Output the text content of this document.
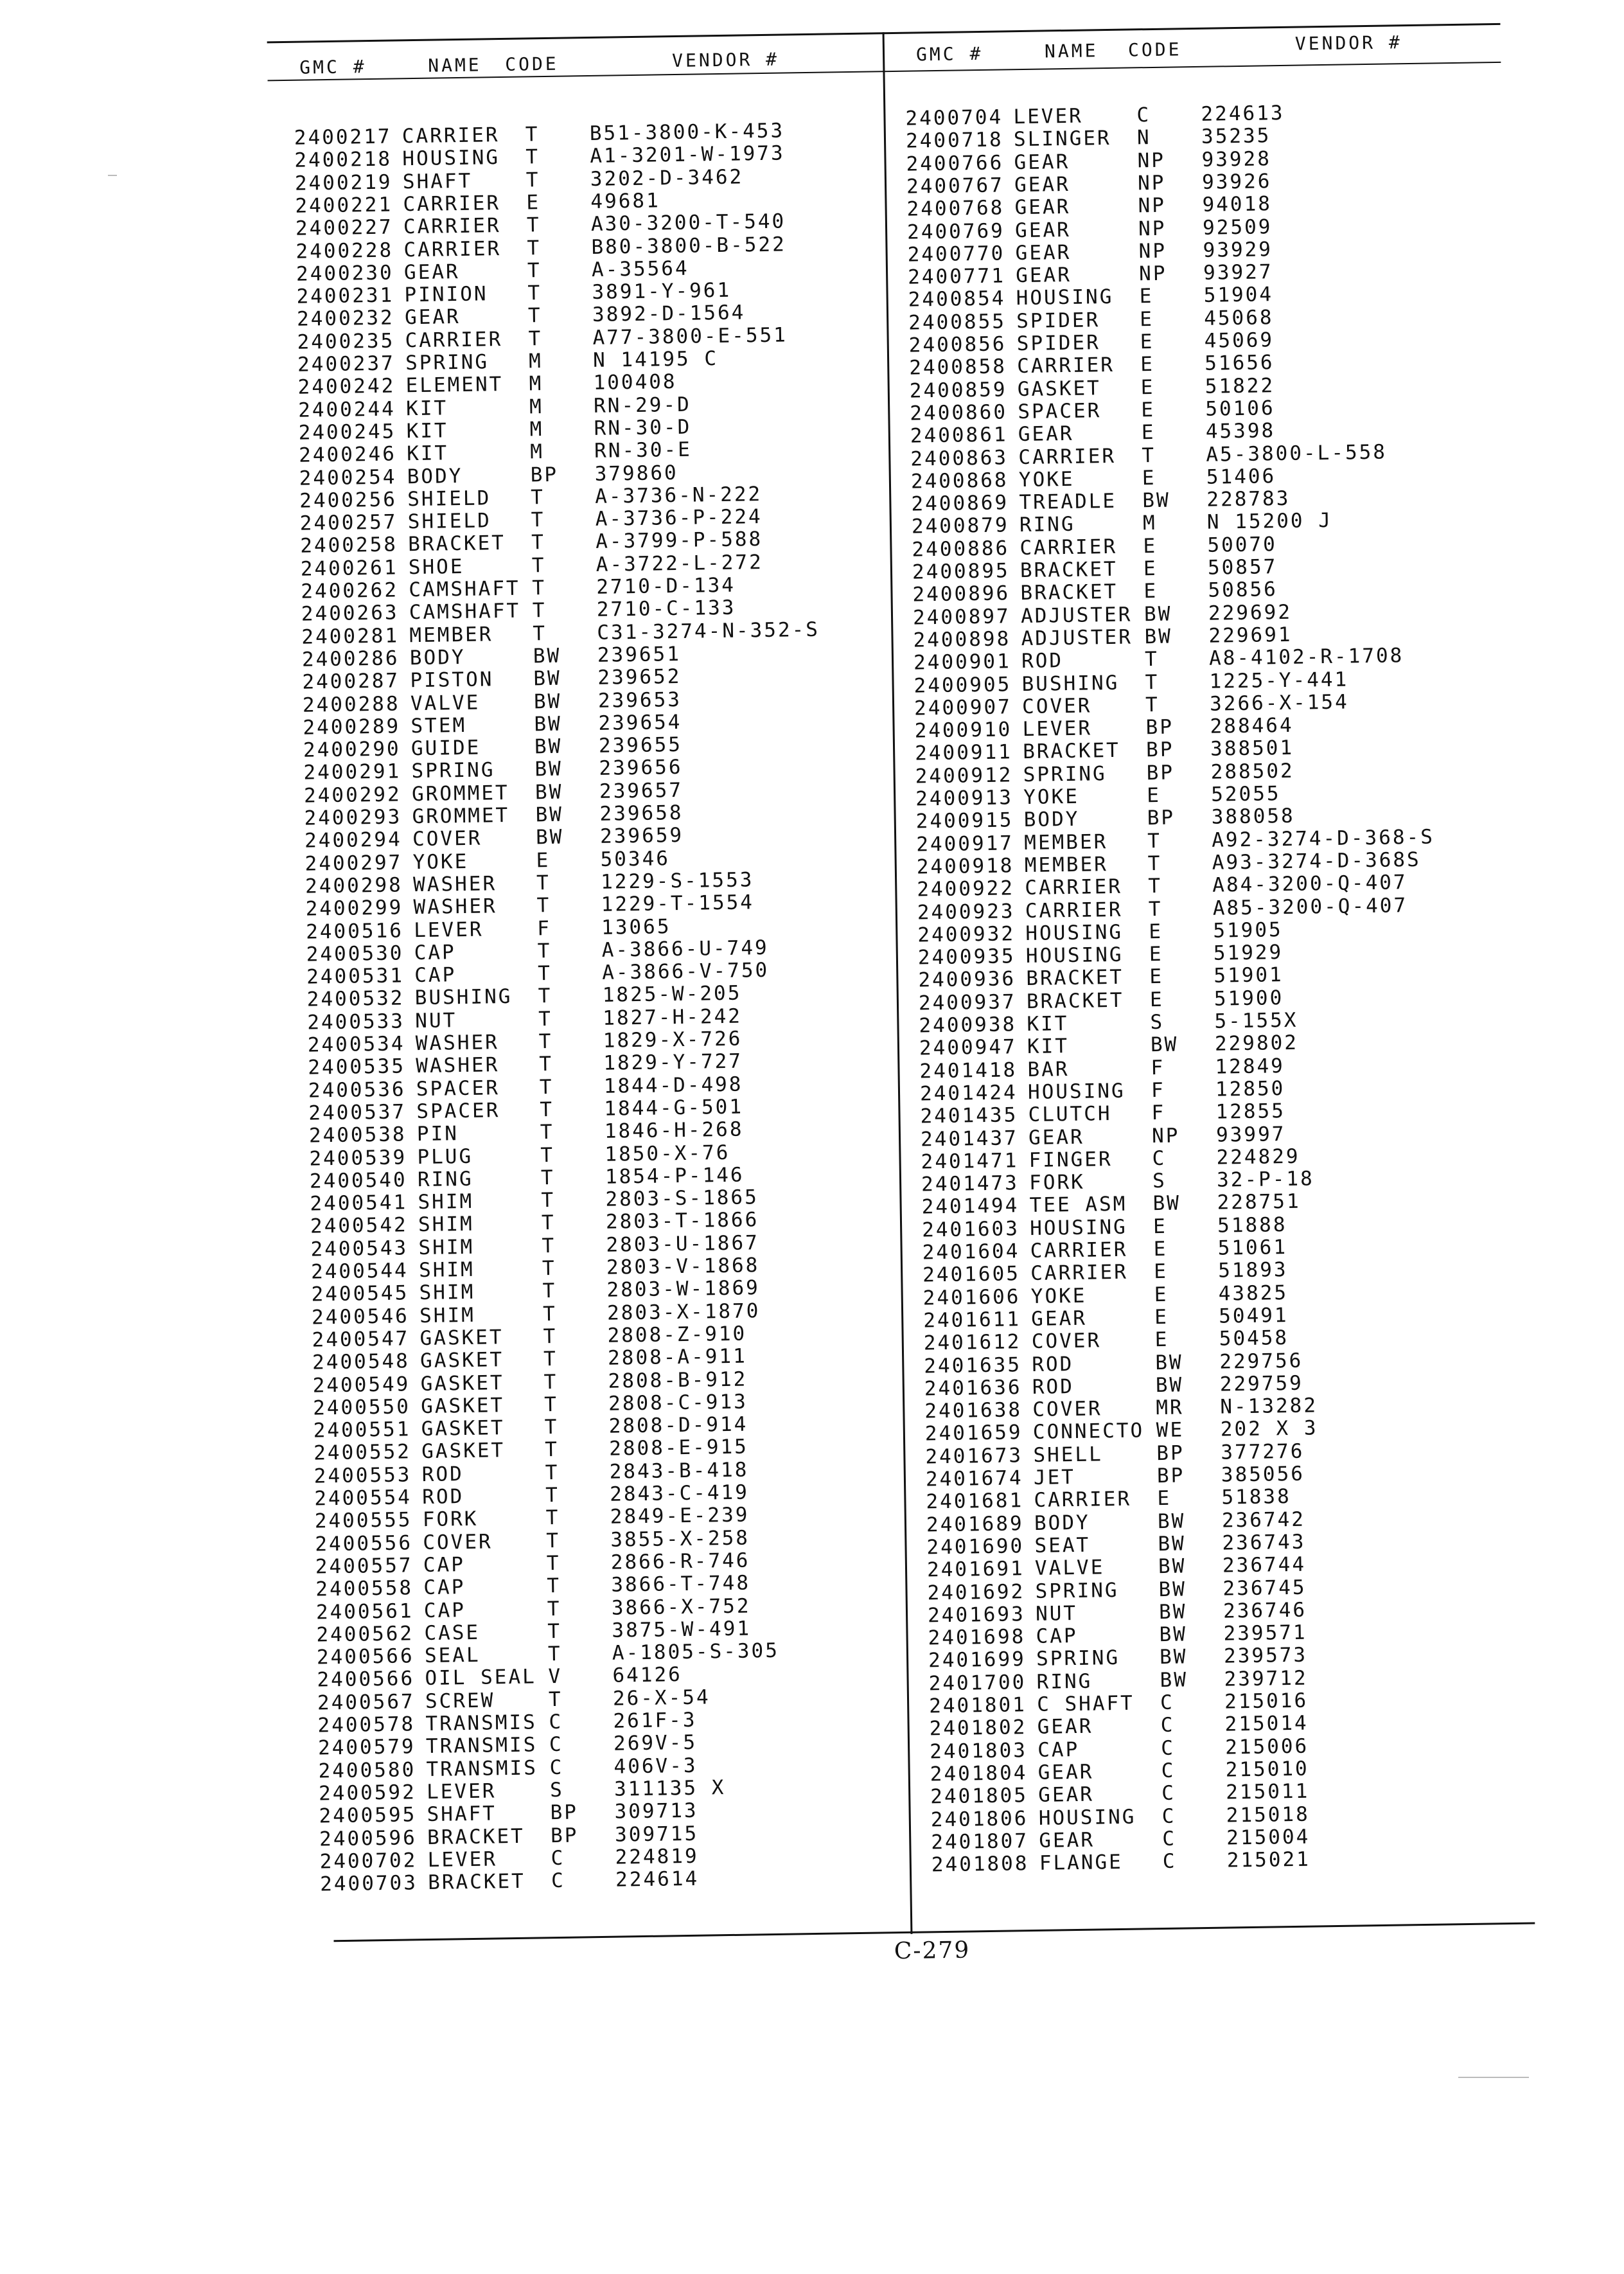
GMC #	NAME CODE	VENDOR #	GMC #	NAME CODE	VENDOR #
2400217 CARRIER T	B51-3800-K-453
2400218 HOUSING T	A1-3201-W-1973
2400219 SHAFT	T	3202-D-3462
2400221 CARRIER E	49681
2400227 CARRIER T	A30-3200-T-540
2400228 CARRIER T	B80-3800-B-522
2400230 GEAR	T	A-35564
2400231 PINION T	3891-Y-961
2400232 GEAR	T	3892-D-1564
2400235 CARRIER T	A77-3800-E-551
2400237 SPRING M	N 14195 C
2400242 ELEMENT M	100408
2400244 KIT	M	RN-29-D
2400245 KIT	M	RN-30-D
2400246 KIT	M	RN-30-E
2400254 BODY	BP 379860
2400256 SHIELD T	A-3736-N-222
2400257 SHIELD T	A-3736-P-224
2400258 BRACKET T	A-3799-P-588
2400261 SHOE	T	A-3722-L-272
2400262 CAMSHAFT T	2710-D-134
2400263 CAMSHAFT T	2710-C-133
2400281 MEMBER T	C31-3274-N-352-S
2400286 BODY	BW 239651
2400287 PISTON BW 239652
2400288 VALVE	BW 239653
2400289 STEM	BW 239654
2400290 GUIDE	BW 239655
2400291 SPRING BW 239656
2400292 GROMMET BW 239657
2400293 GROMMET BW 239658
2400294 COVER	BW 239659
2400297 YOKE	E	50346
2400298 WASHER T	1229-S-1553
2400299 WASHER T	1229-T-1554
2400516 LEVER	F	13065
2400530 CAP	T	A-3866-U-749
2400531 CAP	T	A-3866-V-750
2400532 BUSHING T	1825-W-205
2400533 NUT	T	1827-H-242
2400534 WASHER T	1829-X-726
2400535 WASHER T	1829-Y-727
2400536 SPACER T	1844-D-498
2400537 SPACER T	1844-G-501
2400538 PIN	T	1846-H-268
2400539 PLUG	T	1850-X-76
2400540 RING	T	1854-P-146
2400541 SHIM	T	2803-S-1865
2400542 SHIM	T	2803-T-1866
2400543 SHIM	T	2803-U-1867
2400544 SHIM	T	2803-V-1868
2400545 SHIM	T	2803-W-1869
2400546 SHIM	T	2803-X-1870
2400547 GASKET T	2808-Z-910
2400548 GASKET T	2808-A-911
2400549 GASKET T	2808-B-912
2400550 GASKET T	2808-C-913
2400551 GASKET T	2808-D-914
2400552 GASKET T	2808-E-915
2400553 ROD	T	2843-B-418
2400554 ROD	T	2843-C-419
2400555 FORK	T	2849-E-239
2400556 COVER	T	3855-X-258
2400557 CAP	T	2866-R-746
2400558 CAP	T	3866-T-748
2400561 CAP	T	3866-X-752
2400562 CASE	T	3875-W-491
2400566 SEAL	T	A-1805-S-305
2400566 OIL SEAL V	64126
2400567 SCREW	T	26-X-54
2400578 TRANSMIS C	261F-3
2400579 TRANSMIS C	269V-5
2400580 TRANSMIS C	406V-3
2400592 LEVER	S	311135 X
2400595 SHAFT	BP 309713
2400596 BRACKET BP 309715
2400702 LEVER	C	224819
2400703 BRACKET C	224614
2400704 LEVER	C	224613
2400718 SLINGER N	35235
2400766 GEAR	NP 93928
2400767 GEAR	NP 93926
2400768 GEAR	NP 94018
2400769 GEAR	NP 92509
2400770 GEAR	NP 93929
2400771 GEAR	NP 93927
2400854 HOUSING E	51904
2400855 SPIDER E	45068
2400856 SPIDER E	45069
2400858 CARRIER E	51656
2400859 GASKET E	51822
2400860 SPACER E	50106
2400861 GEAR	E	45398
2400863 CARRIER T	A5-3800-L-558
2400868 YOKE	E	51406
2400869 TREADLE BW 228783
2400879 RING	M	N 15200 J
2400886 CARRIER E	50070
2400895 BRACKET E	50857
2400896 BRACKET E	50856
2400897 ADJUSTER BW 229692
2400898 ADJUSTER BW 229691
2400901 ROD	T	A8-4102-R-1708
2400905 BUSHING T	1225-Y-441
2400907 COVER	T	3266-X-154
2400910 LEVER	BP 288464
2400911 BRACKET BP 388501
2400912 SPRING BP 288502
2400913 YOKE	E	52055
2400915 BODY	BP 388058
2400917 MEMBER T	A92-3274-D-368-S
2400918 MEMBER T	A93-3274-D-368S
2400922 CARRIER T	A84-3200-Q-407
2400923 CARRIER T	A85-3200-Q-407
2400932 HOUSING E	51905
2400935 HOUSING E	51929
2400936 BRACKET E	51901
2400937 BRACKET E	51900
2400938 KIT	S	5-155X
2400947 KIT	BW 229802
2401418 BAR	F	12849
2401424 HOUSING F	12850
2401435 CLUTCH F	12855
2401437 GEAR	NP 93997
2401471 FINGER C	224829
2401473 FORK	S	32-P-18
2401494 TEE ASM BW 228751
2401603 HOUSING E	51888
2401604 CARRIER E	51061
2401605 CARRIER E	51893
2401606 YOKE	E	43825
2401611 GEAR	E	50491
2401612 COVER	E	50458
2401635 ROD	BW 229756
2401636 ROD	BW 229759
2401638 COVER	MR N-13282
2401659 CONNECTO WE 202 X 3
2401673 SHELL	BP 377276
2401674 JET	BP 385056
2401681 CARRIER E	51838
2401689 BODY	BW 236742
2401690 SEAT	BW 236743
2401691 VALVE	BW 236744
2401692 SPRING BW 236745
2401693 NUT	BW 236746
2401698 CAP	BW 239571
2401699 SPRING BW 239573
2401700 RING	BW 239712
2401801 C SHAFT C	215016
2401802 GEAR	C	215014
2401803 CAP	C	215006
2401804 GEAR	C	215010
2401805 GEAR	C	215011
2401806 HOUSING C	215018
2401807 GEAR	C	215004
2401808 FLANGE C	215021
C-279
